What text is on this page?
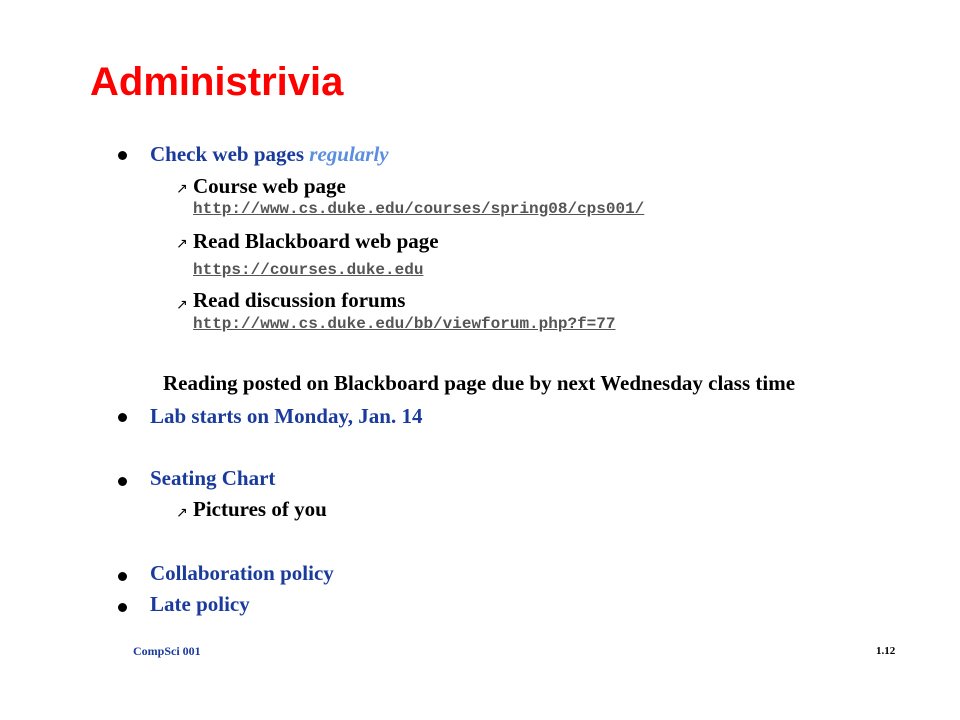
Administrivia
Check web pages regularly
↗ Course web page
http://www.cs.duke.edu/courses/spring08/cps001/
↗ Read Blackboard web page
https://courses.duke.edu
↗ Read discussion forums
http://www.cs.duke.edu/bb/viewforum.php?f=77
Reading posted on Blackboard page due by next Wednesday class time
Lab starts on Monday, Jan. 14
Seating Chart
↗ Pictures of you
Collaboration policy
Late policy
CompSci 001	1.12
